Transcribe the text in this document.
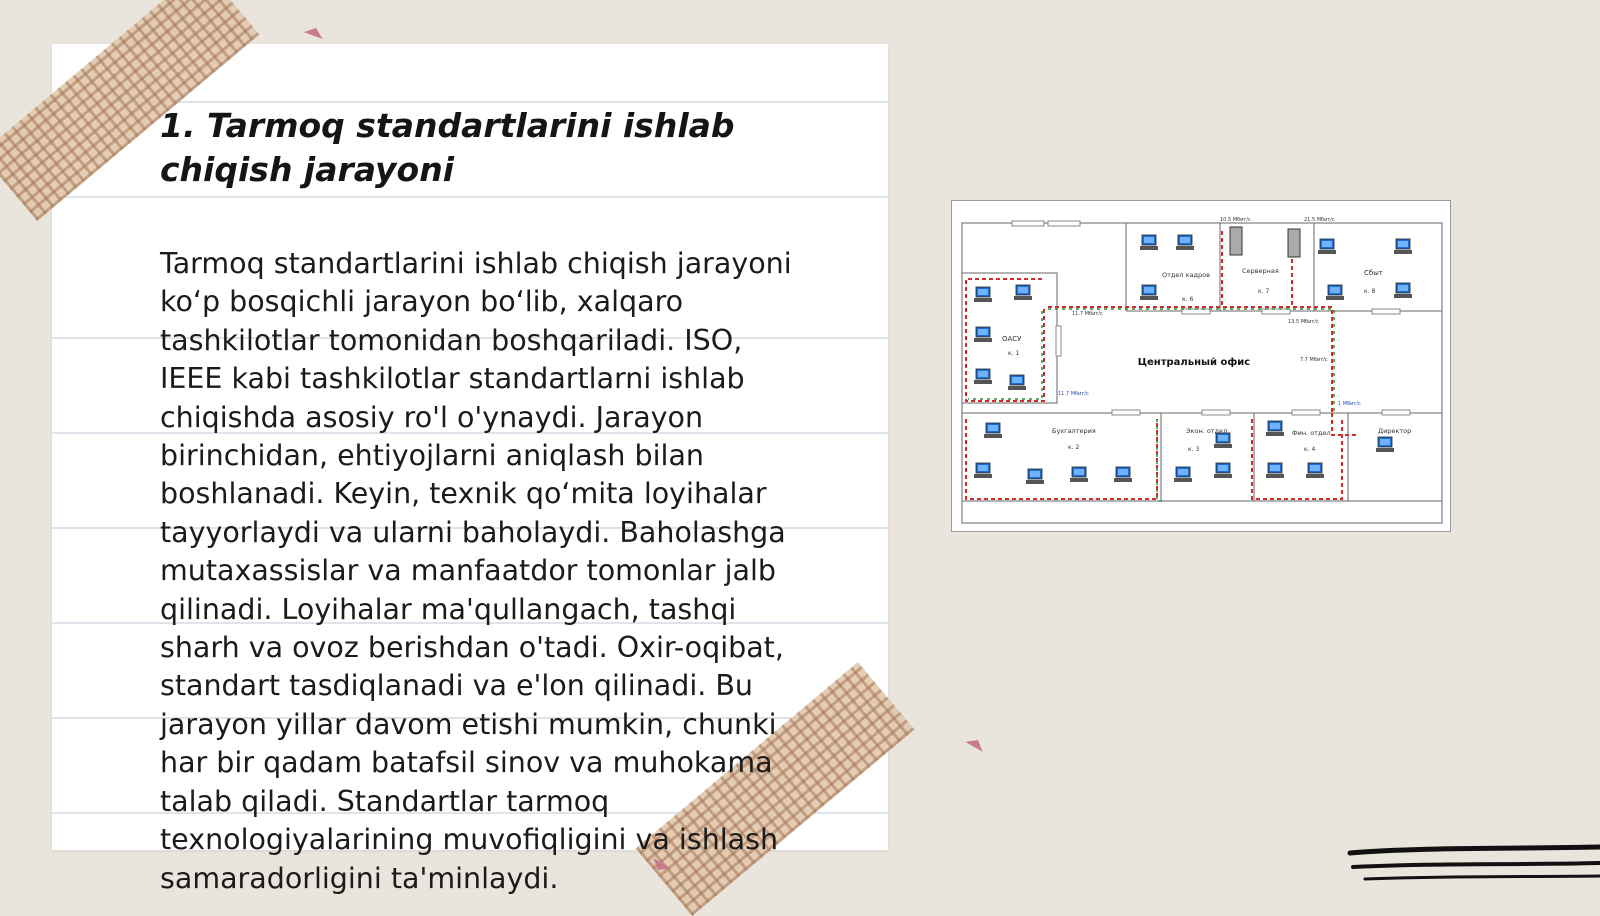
1. Tarmoq standartlarini ishlab
chiqish jarayoni

Tarmoq standartlarini ishlab chiqish jarayoni
koʻp bosqichli jarayon boʻlib, xalqaro
tashkilotlar tomonidan boshqariladi. ISO,
IEEE kabi tashkilotlar standartlarni ishlab
chiqishda asosiy ro'l o'ynaydi. Jarayon
birinchidan, ehtiyojlarni aniqlash bilan
boshlanadi. Keyin, texnik qoʻmita loyihalar
tayyorlaydi va ularni baholaydi. Baholashga
mutaxassislar va manfaatdor tomonlar jalb
qilinadi. Loyihalar ma'qullangach, tashqi
sharh va ovoz berishdan o'tadi. Oxir-oqibat,
standart tasdiqlanadi va e'lon qilinadi. Bu
jarayon yillar davom etishi mumkin, chunki
har bir qadam batafsil sinov va muhokama
talab qiladi. Standartlar tarmoq
texnologiyalarining muvofiqligini va ishlash
samaradorligini ta'minlaydi.

Центральный офис
ОАСУ
к. 1
Отдел кадров
к. 6
Серверная
к. 7
Сбыт
к. 8
Бухгалтерия
к. 2
Экон. отдел
к. 3
Фин. отдел
к. 4
Директор
10.5 Мбит/с	21.5 Мбит/с
11.7 Мбит/с
13.5 Мбит/с
7.7 Мбит/с
11.7 Мбит/с
1 Мбит/с
